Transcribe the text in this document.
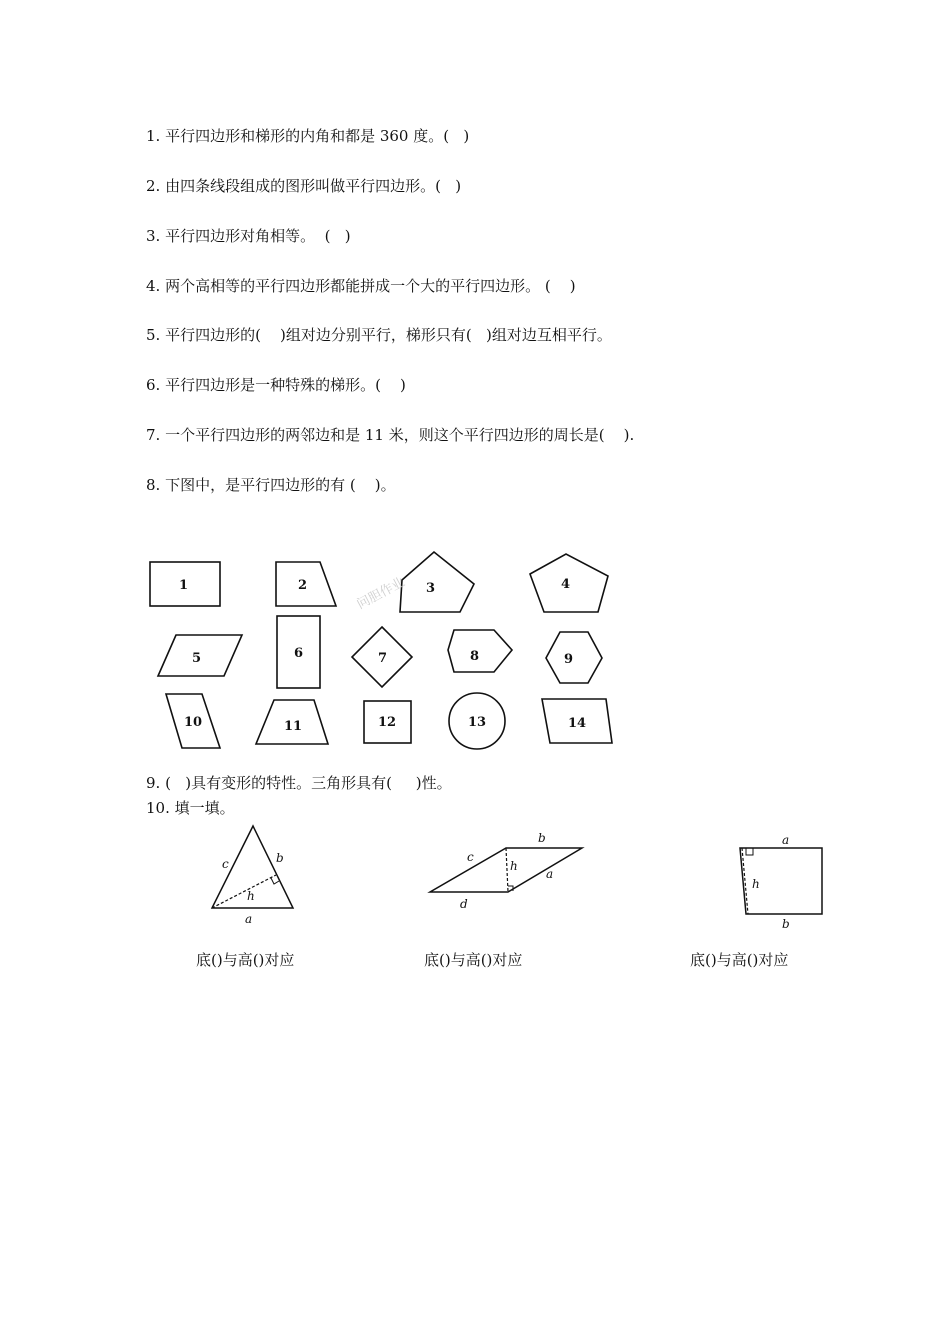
1. 平行四边形和梯形的内角和都是 360 度。(   )
2. 由四条线段组成的图形叫做平行四边形。(   )
3. 平行四边形对角相等。  (   )
4. 两个高相等的平行四边形都能拼成一个大的平行四边形。 (    )
5. 平行四边形的(    )组对边分别平行，梯形只有(   )组对边互相平行。
6. 平行四边形是一种特殊的梯形。(    )
7. 一个平行四边形的两邻边和是 11 米，则这个平行四边形的周长是(    ).
8. 下图中，是平行四边形的有 (    )。
问胆作业
1	2	3	4
5	6	7	8	9
10	11	12	13	14
9. (   )具有变形的特性。三角形具有(     )性。
10. 填一填。
c	b
h
a
c
b
h
a
d
a
h
b
底()与高()对应	底()与高()对应	底()与高()对应
